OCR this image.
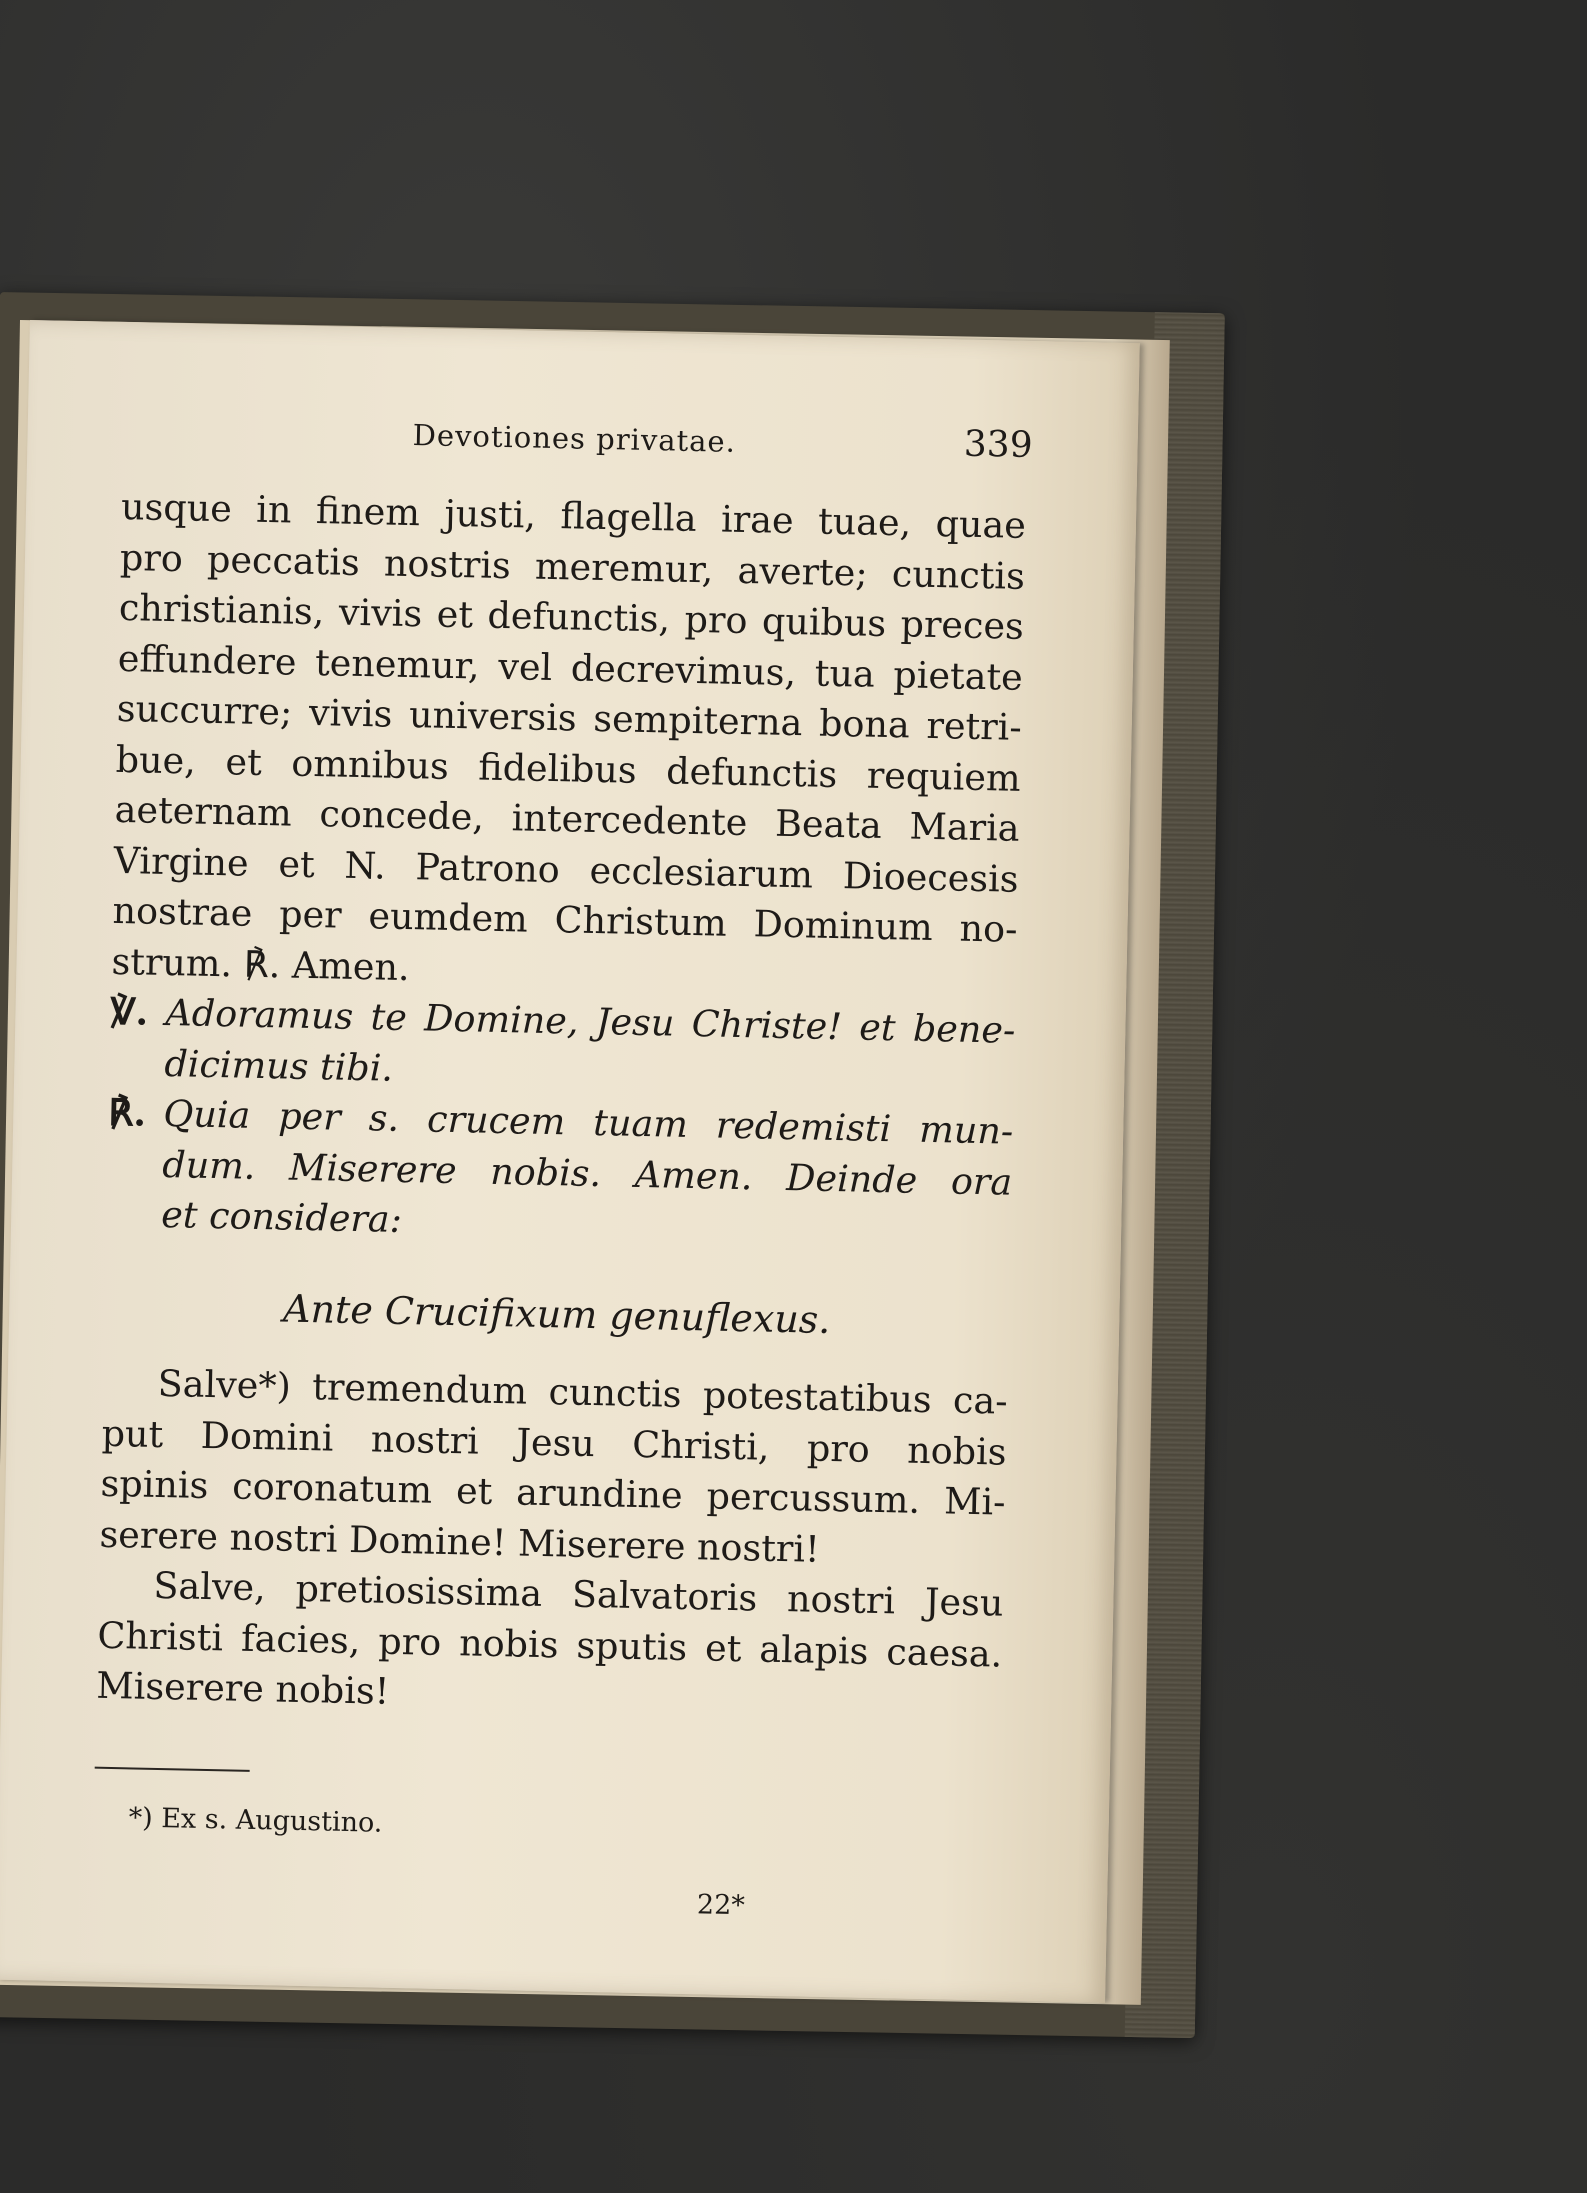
Devotiones privatae.	339

usque in finem justi, flagella irae tuae, quae
pro peccatis nostris meremur, averte; cunctis
christianis, vivis et defunctis, pro quibus preces
effundere tenemur, vel decrevimus, tua pietate
succurre; vivis universis sempiterna bona retri-
bue, et omnibus fidelibus defunctis requiem
aeternam concede, intercedente Beata Maria
Virgine et N. Patrono ecclesiarum Dioecesis
nostrae per eumdem Christum Dominum no-
strum. ℟. Amen.

℣. Adoramus te Domine, Jesu Christe! et bene-
dicimus tibi.

℟. Quia per s. crucem tuam redemisti mun-
dum. Miserere nobis. Amen. Deinde ora
et considera:

Ante Crucifixum genuflexus.

Salve*) tremendum cunctis potestatibus ca-
put Domini nostri Jesu Christi, pro nobis
spinis coronatum et arundine percussum. Mi-
serere nostri Domine! Miserere nostri!

Salve, pretiosissima Salvatoris nostri Jesu
Christi facies, pro nobis sputis et alapis caesa.
Miserere nobis!

*) Ex s. Augustino.
22*
